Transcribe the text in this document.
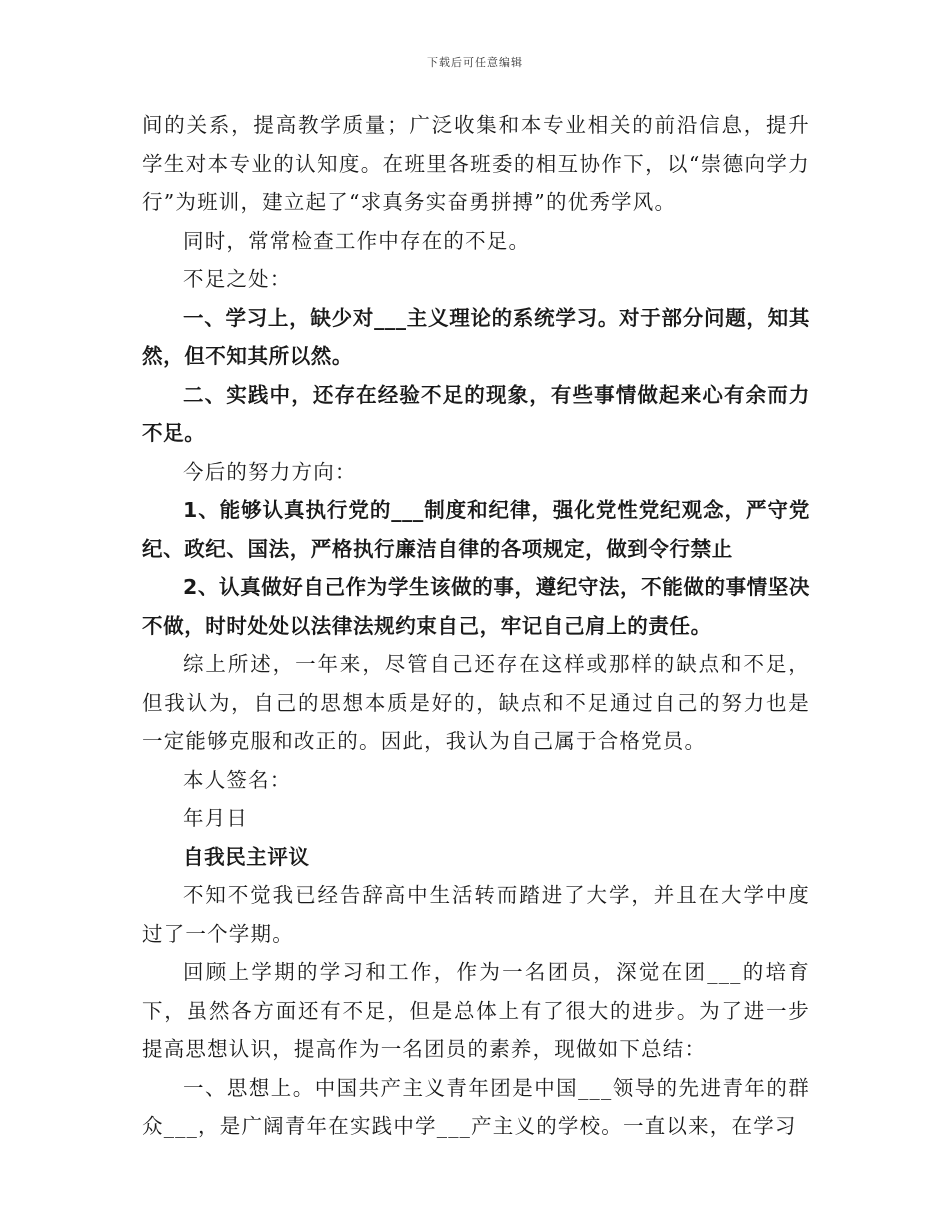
下载后可任意编辑

间的关系，提高教学质量；广泛收集和本专业相关的前沿信息，提升学生对本专业的认知度。在班里各班委的相互协作下，以“崇德向学力行”为班训，建立起了“求真务实奋勇拼搏”的优秀学风。

同时，常常检查工作中存在的不足。

不足之处：

一、学习上，缺少对___主义理论的系统学习。对于部分问题，知其然，但不知其所以然。

二、实践中，还存在经验不足的现象，有些事情做起来心有余而力不足。

今后的努力方向：

1、能够认真执行党的___制度和纪律，强化党性党纪观念，严守党纪、政纪、国法，严格执行廉洁自律的各项规定，做到令行禁止

2、认真做好自己作为学生该做的事，遵纪守法，不能做的事情坚决不做，时时处处以法律法规约束自己，牢记自己肩上的责任。

综上所述，一年来，尽管自己还存在这样或那样的缺点和不足，但我认为，自己的思想本质是好的，缺点和不足通过自己的努力也是一定能够克服和改正的。因此，我认为自己属于合格党员。

本人签名：

年月日

自我民主评议

不知不觉我已经告辞高中生活转而踏进了大学，并且在大学中度过了一个学期。

回顾上学期的学习和工作，作为一名团员，深觉在团___的培育下，虽然各方面还有不足，但是总体上有了很大的进步。为了进一步提高思想认识，提高作为一名团员的素养，现做如下总结：

一、思想上。中国共产主义青年团是中国___领导的先进青年的群众___，是广阔青年在实践中学___产主义的学校。一直以来，在学习
